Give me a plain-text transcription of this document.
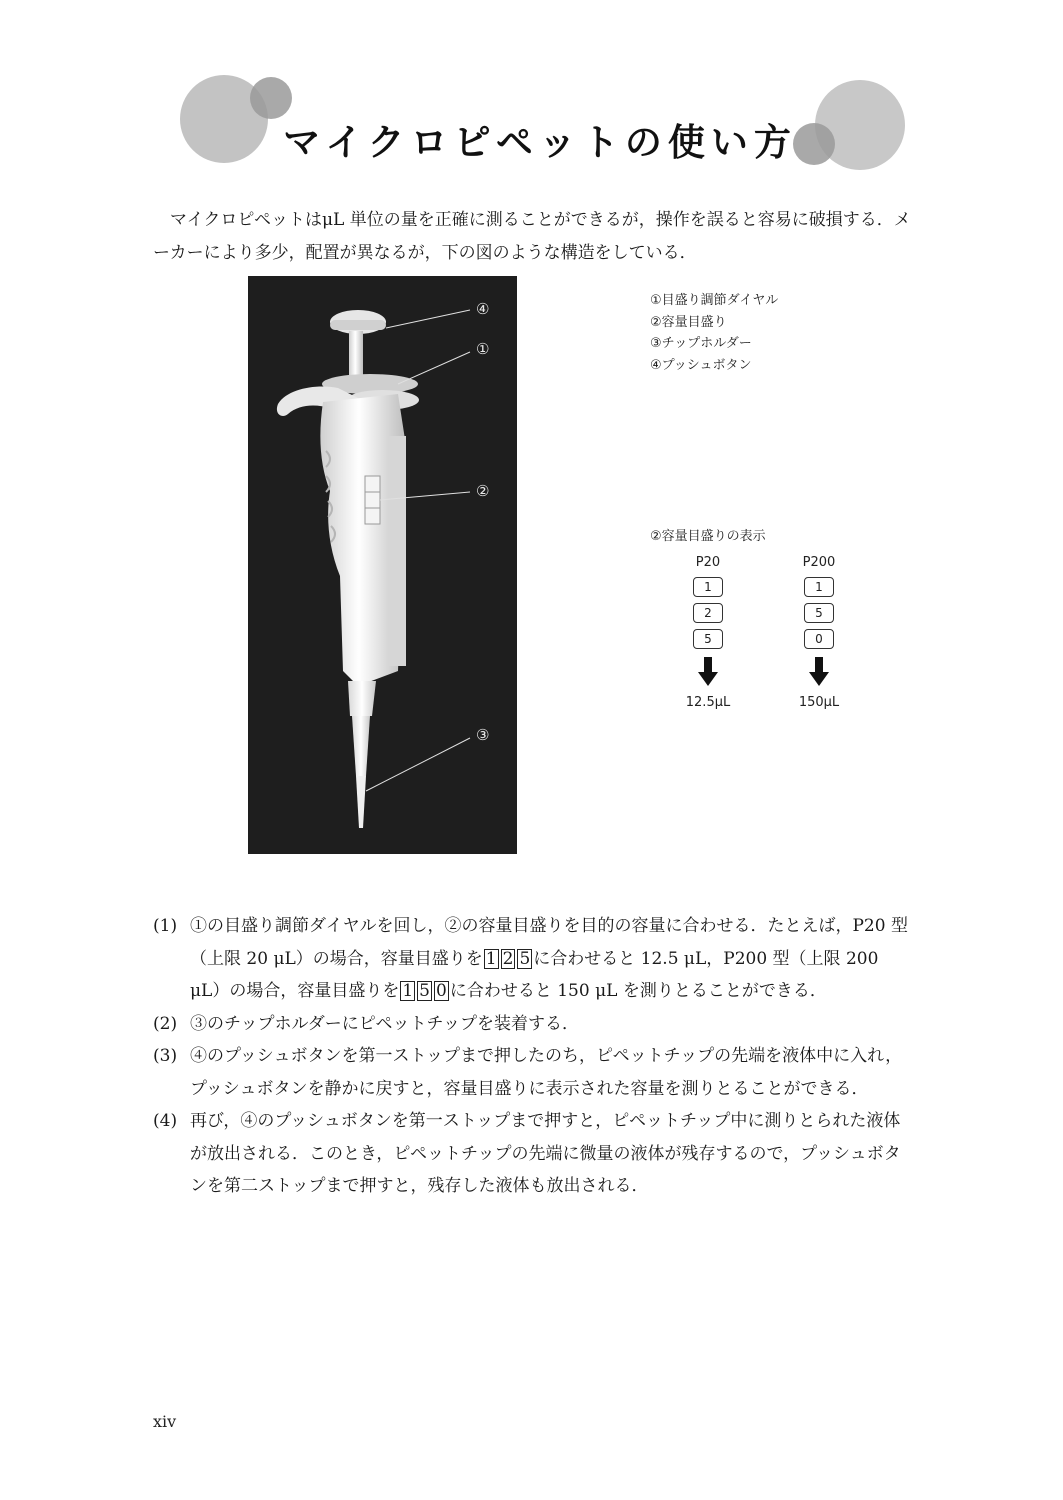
マイクロピペットの使い方

マイクロピペットはμL 単位の量を正確に測ることができるが，操作を誤ると容易に破損する．メーカーにより多少，配置が異なるが，下の図のような構造をしている．

④
①
②
③
①目盛り調節ダイヤル
②容量目盛り
③チップホルダー
④プッシュボタン
②容量目盛りの表示
P20
1
2
5
12.5μL
P200
1
5
0
150μL
(1) ①の目盛り調節ダイヤルを回し，②の容量目盛りを目的の容量に合わせる．たとえば，P20 型（上限 20 μL）の場合，容量目盛りを 1 2 5 に合わせると 12.5 μL，P200 型（上限 200 μL）の場合，容量目盛りを 1 5 0 に合わせると 150 μL を測りとることができる．
(2) ③のチップホルダーにピペットチップを装着する．
(3) ④のプッシュボタンを第一ストップまで押したのち，ピペットチップの先端を液体中に入れ，プッシュボタンを静かに戻すと，容量目盛りに表示された容量を測りとることができる．
(4) 再び，④のプッシュボタンを第一ストップまで押すと，ピペットチップ中に測りとられた液体が放出される．このとき，ピペットチップの先端に微量の液体が残存するので，プッシュボタンを第二ストップまで押すと，残存した液体も放出される．
xiv
